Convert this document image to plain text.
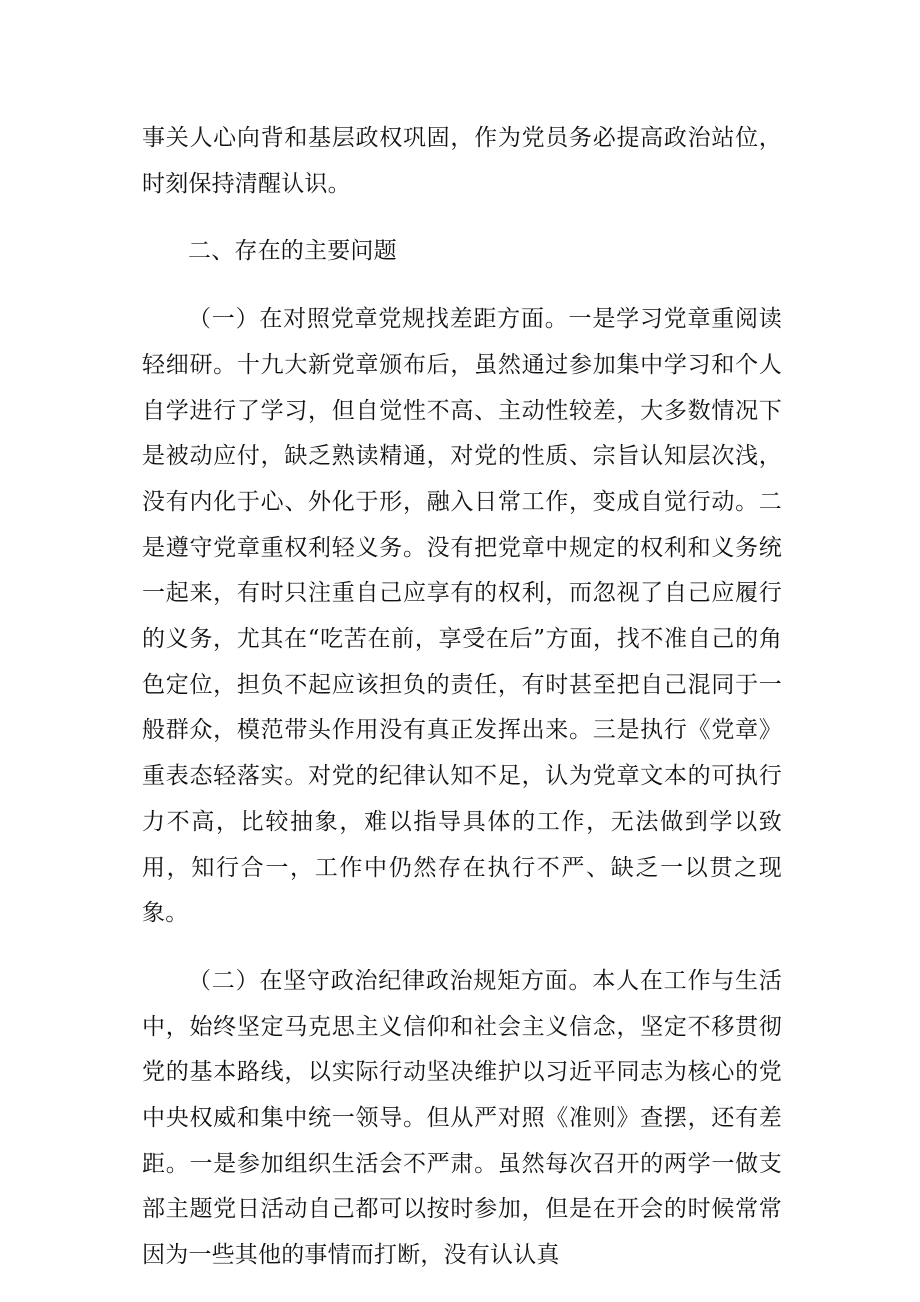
事关人心向背和基层政权巩固，作为党员务必提高政治站位，时刻保持清醒认识。

二、存在的主要问题

（一）在对照党章党规找差距方面。一是学习党章重阅读轻细研。十九大新党章颁布后，虽然通过参加集中学习和个人自学进行了学习，但自觉性不高、主动性较差，大多数情况下是被动应付，缺乏熟读精通，对党的性质、宗旨认知层次浅，没有内化于心、外化于形，融入日常工作，变成自觉行动。二是遵守党章重权利轻义务。没有把党章中规定的权利和义务统一起来，有时只注重自己应享有的权利，而忽视了自己应履行的义务，尤其在“吃苦在前，享受在后”方面，找不准自己的角色定位，担负不起应该担负的责任，有时甚至把自己混同于一般群众，模范带头作用没有真正发挥出来。三是执行《党章》重表态轻落实。对党的纪律认知不足，认为党章文本的可执行力不高，比较抽象，难以指导具体的工作，无法做到学以致用，知行合一，工作中仍然存在执行不严、缺乏一以贯之现象。

（二）在坚守政治纪律政治规矩方面。本人在工作与生活中，始终坚定马克思主义信仰和社会主义信念，坚定不移贯彻党的基本路线，以实际行动坚决维护以习近平同志为核心的党中央权威和集中统一领导。但从严对照《准则》查摆，还有差距。一是参加组织生活会不严肃。虽然每次召开的两学一做支部主题党日活动自己都可以按时参加，但是在开会的时候常常因为一些其他的事情而打断，没有认认真
